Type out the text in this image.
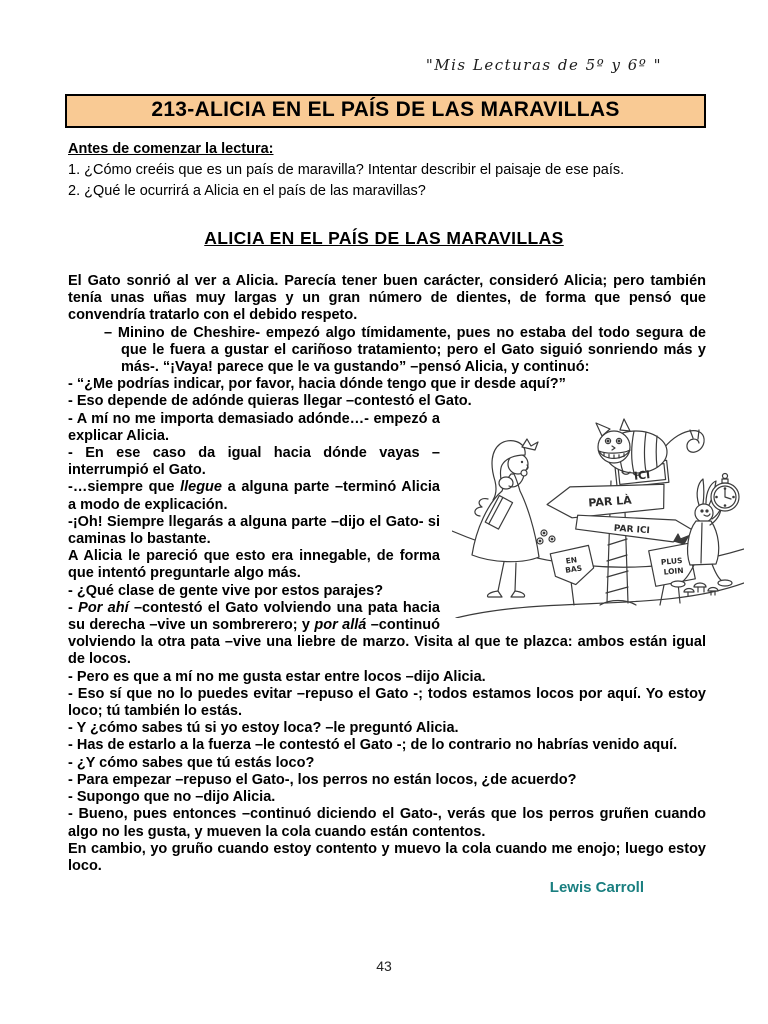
"Mis Lecturas de 5º y 6º "
213-ALICIA EN EL PAÍS DE LAS MARAVILLAS
Antes de comenzar la lectura:
1. ¿Cómo creéis que es un país de maravilla? Intentar describir el paisaje de ese país.
2. ¿Qué le ocurrirá a Alicia en el país de las maravillas?
ALICIA EN EL PAÍS DE LAS MARAVILLAS

El Gato sonrió al ver a Alicia. Parecía tener buen carácter, consideró Alicia; pero también tenía unas uñas muy largas y un gran número de dientes, de forma que pensó que convendría tratarlo con el debido respeto.

– Minino de Cheshire- empezó algo tímidamente, pues no estaba del todo segura de que le fuera a gustar el cariñoso tratamiento; pero el Gato siguió sonriendo más y más-. “¡Vaya! parece que le va gustando” –pensó Alicia, y continuó:

- “¿Me podrías indicar, por favor, hacia dónde tengo que ir desde aquí?”

- Eso depende de adónde quieras llegar –contestó el Gato.

ICI
PAR LÀ
PAR ICI
EN
BAS
PLUS
LOIN

- A mí no me importa demasiado adónde…- empezó a explicar Alicia.

- En ese caso da igual hacia dónde vayas – interrumpió el Gato.

-…siempre que llegue a alguna parte –terminó Alicia a modo de explicación.

-¡Oh! Siempre llegarás a alguna parte –dijo el Gato- si caminas lo bastante.

A Alicia le pareció que esto era innegable, de forma que intentó preguntarle algo más.

- ¿Qué clase de gente vive por estos parajes?

- Por ahí –contestó el Gato volviendo una pata hacia su derecha –vive un sombrerero; y por allá –continuó volviendo la otra pata –vive una liebre de marzo. Visita al que te plazca: ambos están igual de locos.

- Pero es que a mí no me gusta estar entre locos –dijo Alicia.

- Eso sí que no lo puedes evitar –repuso el Gato -; todos estamos locos por aquí. Yo estoy loco; tú también lo estás.

- Y ¿cómo sabes tú si yo estoy loca? –le preguntó Alicia.

- Has de estarlo a la fuerza –le contestó el Gato -; de lo contrario no habrías venido aquí.

- ¿Y cómo sabes que tú estás loco?

- Para empezar –repuso el Gato-, los perros no están locos, ¿de acuerdo?

- Supongo que no –dijo Alicia.

- Bueno, pues entonces –continuó diciendo el Gato-, verás que los perros gruñen cuando algo no les gusta, y mueven la cola cuando están contentos.

En cambio, yo gruño cuando estoy contento y muevo la cola cuando me enojo; luego estoy loco.

Lewis Carroll
43
